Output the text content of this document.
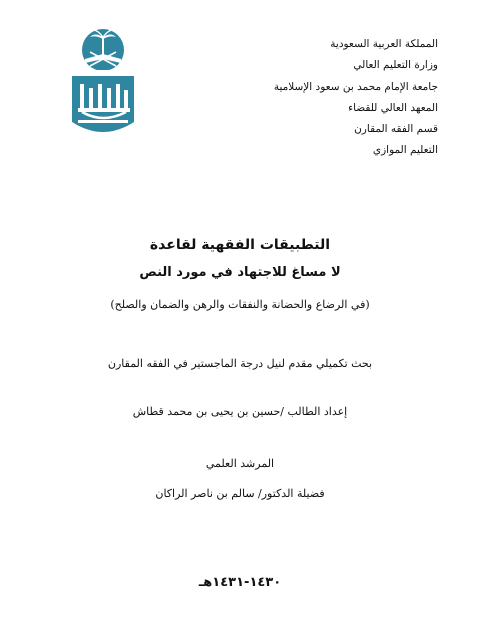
المملكة العربية السعودية
وزارة التعليم العالي
جامعة الإمام محمد بن سعود الإسلامية
المعهد العالي للقضاء
قسم الفقه المقارن
التعليم الموازي
التطبيقات الفقهية لقاعدة
لا مساغ للاجتهاد في مورد النص
(في الرضاع والحضانة والنفقات والرهن والضمان والصلح)
بحث تكميلي مقدم لنيل درجة الماجستير في الفقه المقارن
إعداد الطالب /حسين بن يحيى بن محمد قطاش
المرشد العلمي
فضيلة الدكتور/ سالم بن ناصر الراكان
١٤٣٠-١٤٣١هـ
